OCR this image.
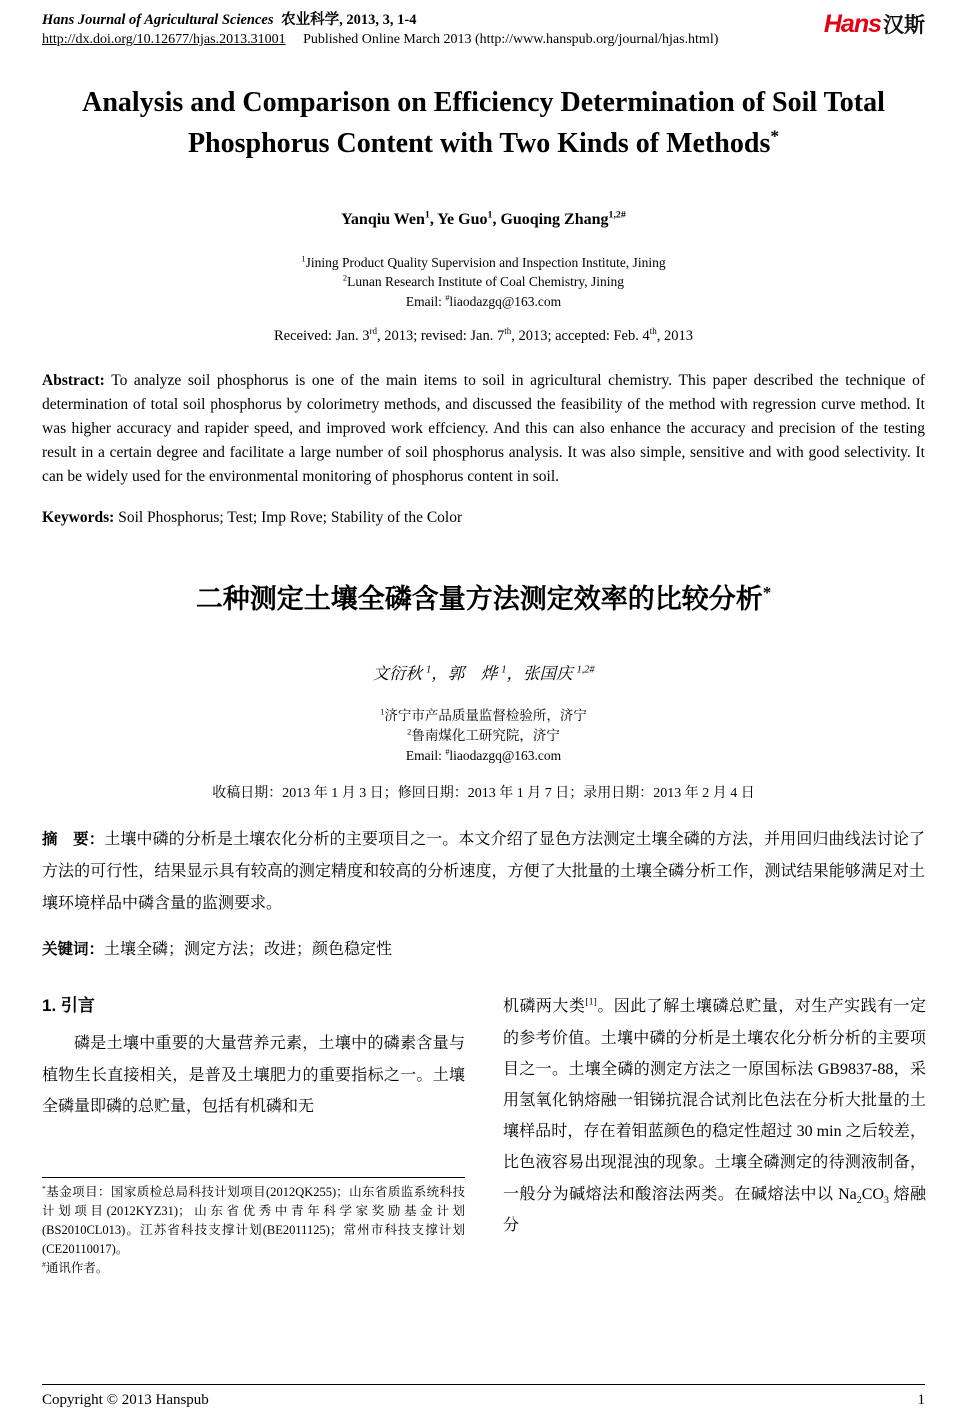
Hans Journal of Agricultural Sciences 农业科学, 2013, 3, 1-4
http://dx.doi.org/10.12677/hjas.2013.31001 Published Online March 2013 (http://www.hanspub.org/journal/hjas.html)
Hans汉斯
Analysis and Comparison on Efficiency Determination of Soil Total Phosphorus Content with Two Kinds of Methods*
Yanqiu Wen$^1$, Ye Guo$^1$, Guoqing Zhang$^{1,2\#}$
$^1$Jining Product Quality Supervision and Inspection Institute, Jining
$^2$Lunan Research Institute of Coal Chemistry, Jining
Email: #liaodazgq@163.com
Received: Jan. 3rd, 2013; revised: Jan. 7th, 2013; accepted: Feb. 4th, 2013

Abstract: To analyze soil phosphorus is one of the main items to soil in agricultural chemistry. This paper described the technique of determination of total soil phosphorus by colorimetry methods, and discussed the feasibility of the method with regression curve method. It was higher accuracy and rapider speed, and improved work effciency. And this can also enhance the accuracy and precision of the testing result in a certain degree and facilitate a large number of soil phosphorus analysis. It was also simple, sensitive and with good selectivity. It can be widely used for the environmental monitoring of phosphorus content in soil.

Keywords: Soil Phosphorus; Test; Imp Rove; Stability of the Color

二种测定土壤全磷含量方法测定效率的比较分析*
文衍秋 $^1$，郭　烨 $^1$，张国庆 $^{1,2\#}$
$^1$济宁市产品质量监督检验所，济宁
$^2$鲁南煤化工研究院，济宁
Email: #liaodazgq@163.com
收稿日期：2013 年 1 月 3 日；修回日期：2013 年 1 月 7 日；录用日期：2013 年 2 月 4 日

摘　要：土壤中磷的分析是土壤农化分析的主要项目之一。本文介绍了显色方法测定土壤全磷的方法，并用回归曲线法讨论了方法的可行性，结果显示具有较高的测定精度和较高的分析速度，方便了大批量的土壤全磷分析工作，测试结果能够满足对土壤环境样品中磷含量的监测要求。

关键词：土壤全磷；测定方法；改进；颜色稳定性

1. 引言

磷是土壤中重要的大量营养元素，土壤中的磷素含量与植物生长直接相关，是普及土壤肥力的重要指标之一。土壤全磷量即磷的总贮量，包括有机磷和无

*基金项目：国家质检总局科技计划项目(2012QK255)；山东省质监系统科技计划项目(2012KYZ31)；山东省优秀中青年科学家奖励基金计划(BS2010CL013)。江苏省科技支撑计划(BE2011125)；常州市科技支撑计划(CE20110017)。

#通讯作者。

机磷两大类[1]。因此了解土壤磷总贮量，对生产实践有一定的参考价值。土壤中磷的分析是土壤农化分析分析的主要项目之一。土壤全磷的测定方法之一原国标法 GB9837-88，采用氢氧化钠熔融一钼锑抗混合试剂比色法在分析大批量的土壤样品时，存在着钼蓝颜色的稳定性超过 30 min 之后较差，比色液容易出现混浊的现象。土壤全磷测定的待测液制备，一般分为碱熔法和酸溶法两类。在碱熔法中以 $Na_2CO_3$ 熔融分

Copyright © 2013 Hanspub	1
